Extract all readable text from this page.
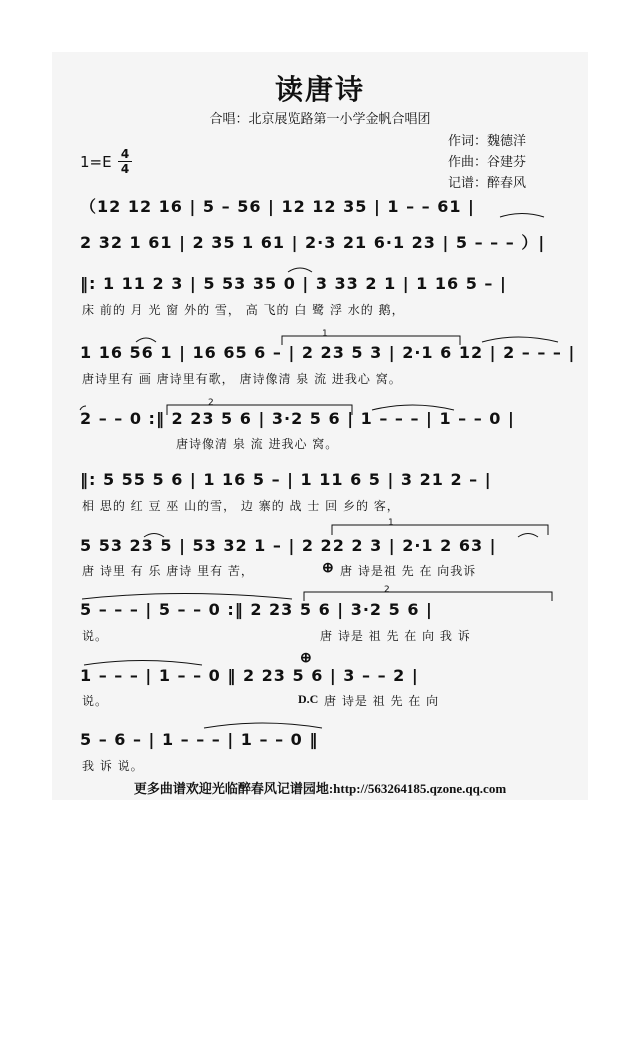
读唐诗
合唱：北京展览路第一小学金帆合唱团
作词：魏德洋
作曲：谷建芬
记谱：醉春风
1=E 4
4
（12 12 16 | 5 – 56 | 12 12 35 | 1 – – 61 |
2 32 1 61 | 2 35 1 61 | 2·3 21 6·1 23 | 5 – – – ）|
‖: 1 11 2 3 | 5 53 35 0 | 3 33 2 1 | 1 16 5 – |
床 前的 月 光 窗 外的 雪， 高 飞的 白 鹭 浮 水的 鹅，
1 16 56 1 | 16 65 6 – | 2 23 5 3 | 2·1 6 12 | 2 – – – |
唐诗里有 画 唐诗里有歌， 唐诗像清 泉 流 进我心 窝。
1
2 – – 0 :‖ 2 23 5 6 | 3·2 5 6 | 1 – – – | 1 – – 0 |
唐诗像清 泉 流 进我心 窝。
2
‖: 5 55 5 6 | 1 16 5 – | 1 11 6 5 | 3 21 2 – |
相 思的 红 豆 巫 山的雪， 边 寨的 战 士 回 乡的 客，
5 53 23 5 | 53 32 1 – | 2 22 2 3 | 2·1 2 63 |
唐 诗里 有 乐 唐诗 里有 苦，	⊕ 唐 诗是祖 先 在 向我诉
1
5 – – – | 5 – – 0 :‖ 2 23 5 6 | 3·2 5 6 |
说。	唐 诗是 祖 先 在 向 我 诉
2
⊕
1 – – – | 1 – – 0 ‖ 2 23 5 6 | 3 – – 2 |
说。	D.C 唐 诗是 祖 先 在 向
5 – 6 – | 1 – – – | 1 – – 0 ‖
我 诉 说。
更多曲谱欢迎光临醉春风记谱园地:http://563264185.qzone.qq.com
